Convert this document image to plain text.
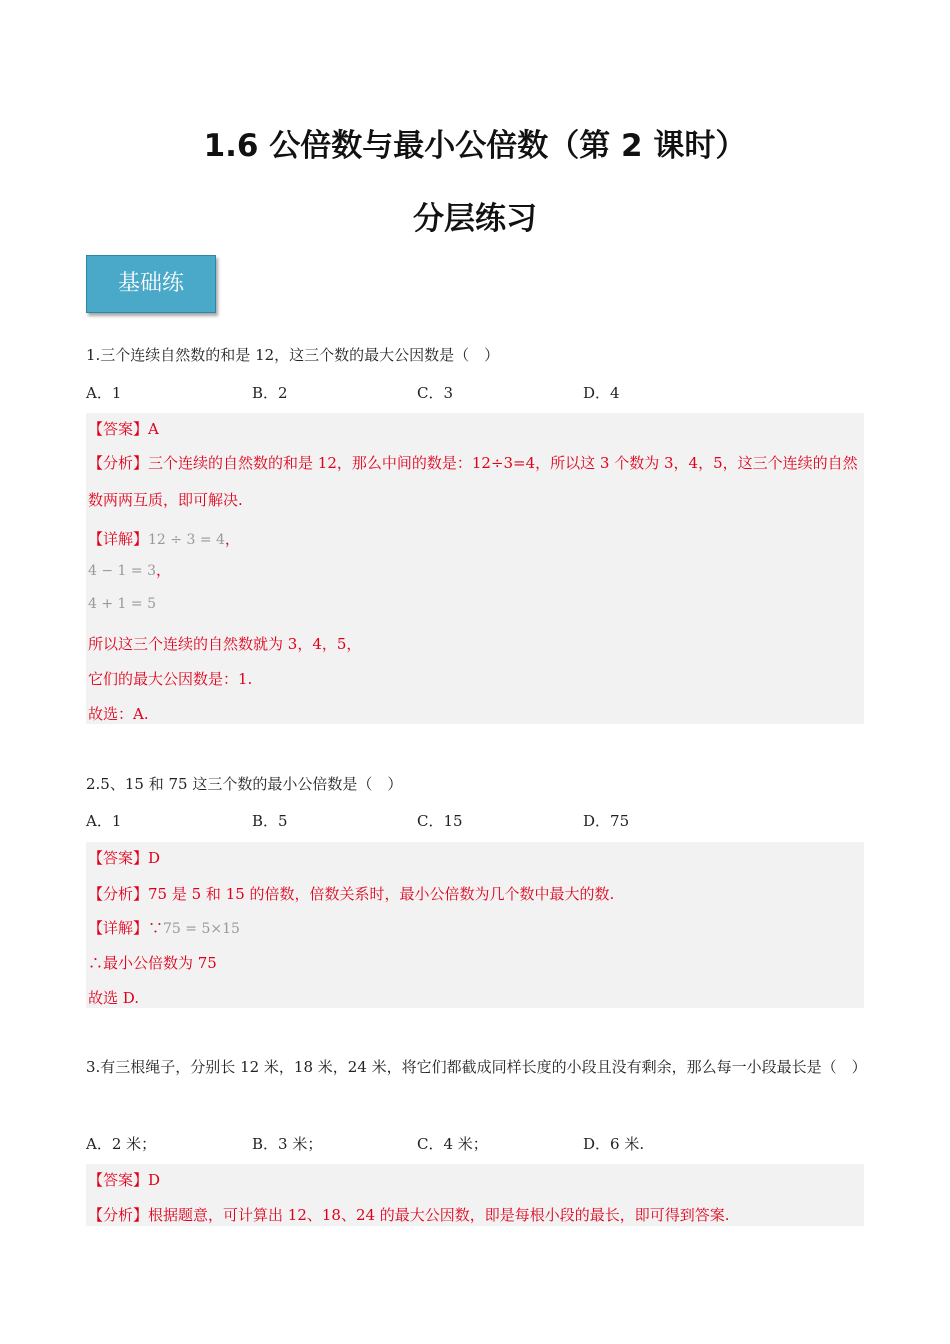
1.6 公倍数与最小公倍数（第 2 课时）
分层练习
基础练
1.三个连续自然数的和是 12，这三个数的最大公因数是（　）
A．1	B．2	C．3	D．4
【答案】A
【分析】三个连续的自然数的和是 12，那么中间的数是：12÷3=4，所以这 3 个数为 3，4，5，这三个连续的自然数两两互质，即可解决.
【详解】12 ÷ 3 = 4，
4 − 1 = 3，
4 + 1 = 5
所以这三个连续的自然数就为 3，4，5，
它们的最大公因数是：1.
故选：A.
2.5、15 和 75 这三个数的最小公倍数是（　）
A．1	B．5	C．15	D．75
【答案】D
【分析】75 是 5 和 15 的倍数，倍数关系时，最小公倍数为几个数中最大的数.
【详解】∵75 = 5×15
∴最小公倍数为 75
故选 D.
3.有三根绳子，分别长 12 米，18 米，24 米，将它们都截成同样长度的小段且没有剩余，那么每一小段最长是（　）
A．2 米；	B．3 米；	C．4 米；	D．6 米.
【答案】D
【分析】根据题意，可计算出 12、18、24 的最大公因数，即是每根小段的最长，即可得到答案.
